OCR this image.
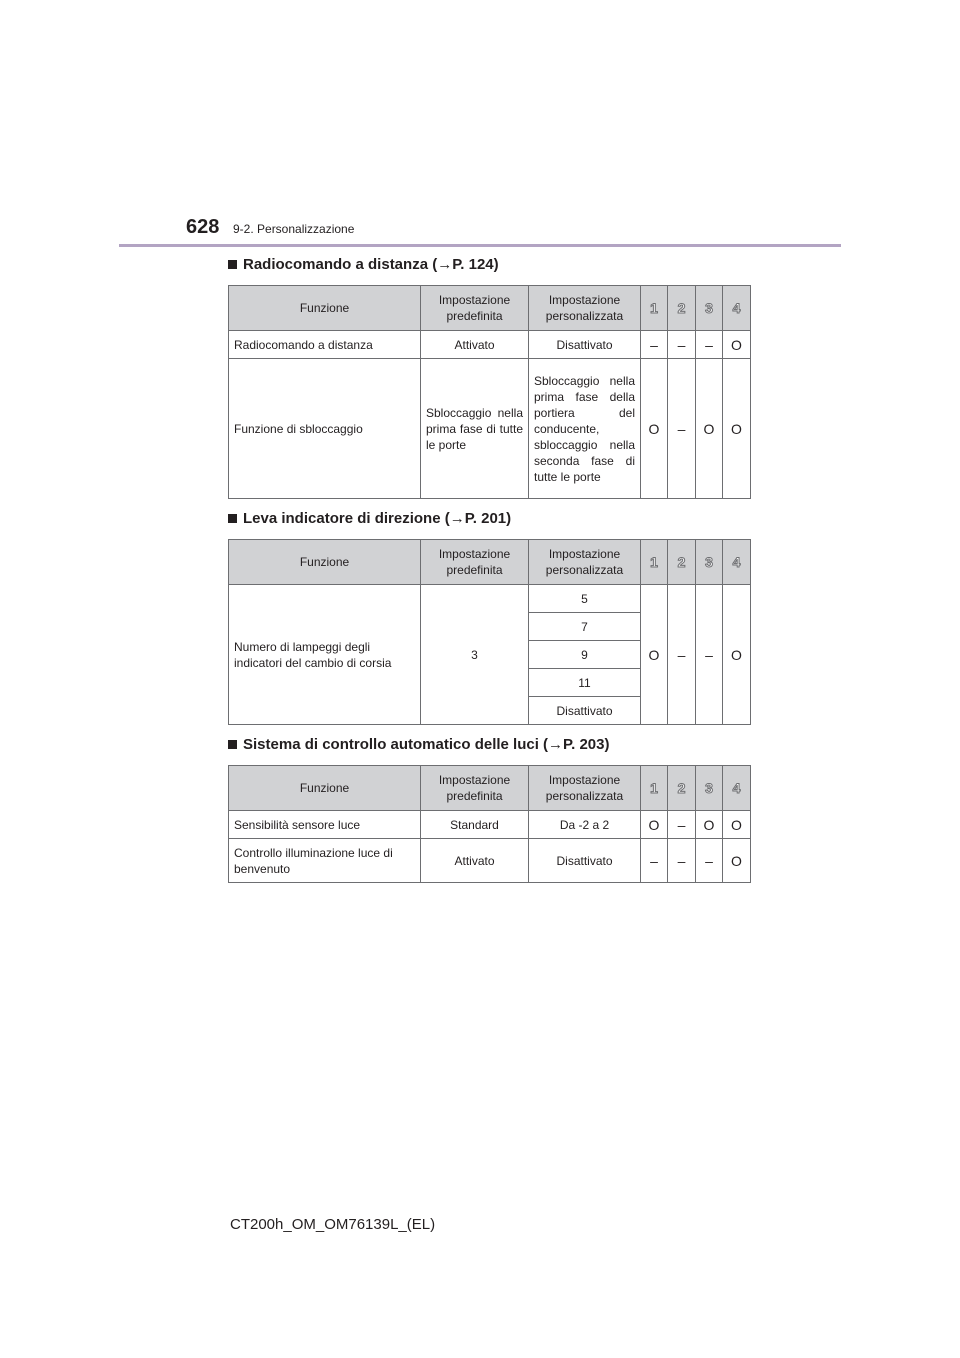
628 9-2. Personalizzazione
Radiocomando a distanza (→P. 124)
Funzione	Impostazione predefinita	Impostazione personalizzata	1	2	3	4
Radiocomando a distanza	Attivato	Disattivato	–	–	–	O
Funzione di sbloccaggio	Sbloccaggio nella prima fase di tutte le porte	Sbloccaggio nella prima fase della portiera del conducente, sbloccaggio nella seconda fase di tutte le porte	O	–	O	O
Leva indicatore di direzione (→P. 201)
Funzione	Impostazione predefinita	Impostazione personalizzata	1	2	3	4
Numero di lampeggi degli indicatori del cambio di corsia	3	5	O	–	–	O
		7				
		9				
		11				
		Disattivato				
Sistema di controllo automatico delle luci (→P. 203)
Funzione	Impostazione predefinita	Impostazione personalizzata	1	2	3	4
Sensibilità sensore luce	Standard	Da -2 a 2	O	–	O	O
Controllo illuminazione luce di benvenuto	Attivato	Disattivato	–	–	–	O
CT200h_OM_OM76139L_(EL)
